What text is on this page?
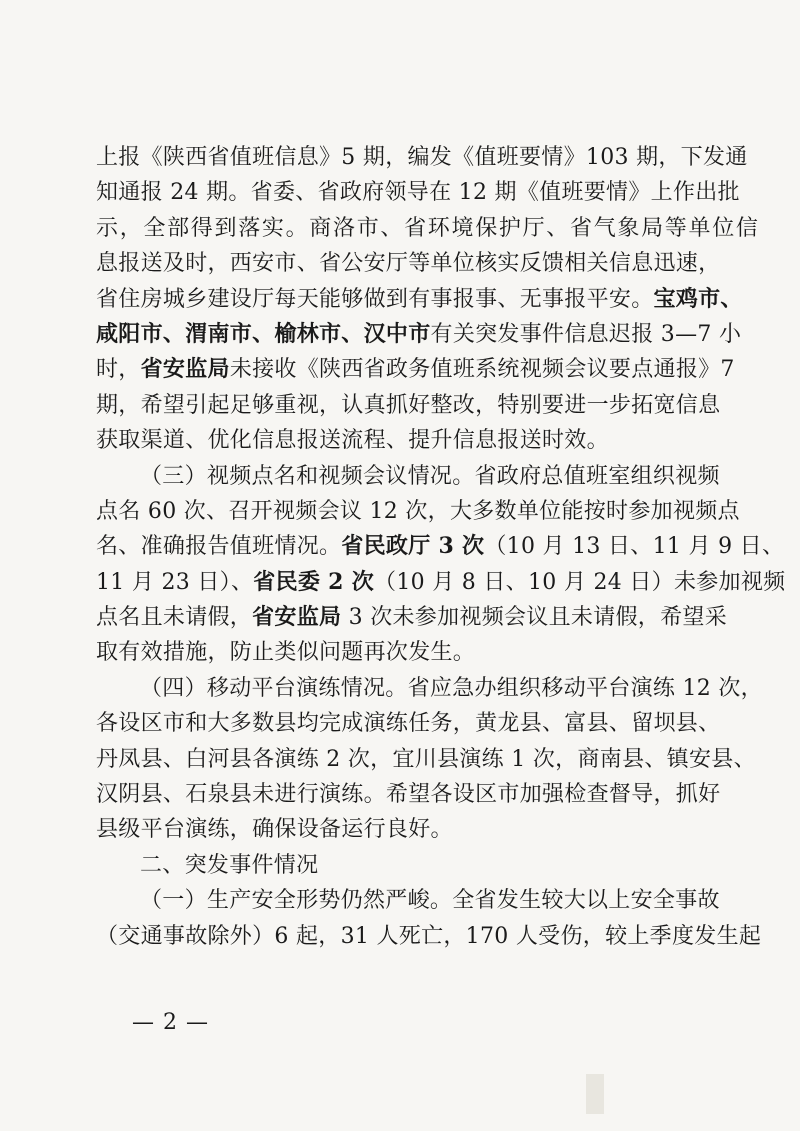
上报《陕西省值班信息》5 期，编发《值班要情》103 期，下发通
知通报 24 期。省委、省政府领导在 12 期《值班要情》上作出批
示，全部得到落实。商洛市、省环境保护厅、省气象局等单位信
息报送及时，西安市、省公安厅等单位核实反馈相关信息迅速，
省住房城乡建设厅每天能够做到有事报事、无事报平安。宝鸡市、
咸阳市、渭南市、榆林市、汉中市有关突发事件信息迟报 3—7 小
时，省安监局未接收《陕西省政务值班系统视频会议要点通报》7
期，希望引起足够重视，认真抓好整改，特别要进一步拓宽信息
获取渠道、优化信息报送流程、提升信息报送时效。
（三）视频点名和视频会议情况。省政府总值班室组织视频
点名 60 次、召开视频会议 12 次，大多数单位能按时参加视频点
名、准确报告值班情况。省民政厅 3 次（10 月 13 日、11 月 9 日、
11 月 23 日）、省民委 2 次（10 月 8 日、10 月 24 日）未参加视频
点名且未请假，省安监局 3 次未参加视频会议且未请假，希望采
取有效措施，防止类似问题再次发生。
（四）移动平台演练情况。省应急办组织移动平台演练 12 次，
各设区市和大多数县均完成演练任务，黄龙县、富县、留坝县、
丹凤县、白河县各演练 2 次，宜川县演练 1 次，商南县、镇安县、
汉阴县、石泉县未进行演练。希望各设区市加强检查督导，抓好
县级平台演练，确保设备运行良好。
二、突发事件情况
（一）生产安全形势仍然严峻。全省发生较大以上安全事故
（交通事故除外）6 起，31 人死亡，170 人受伤，较上季度发生起
— 2 —
